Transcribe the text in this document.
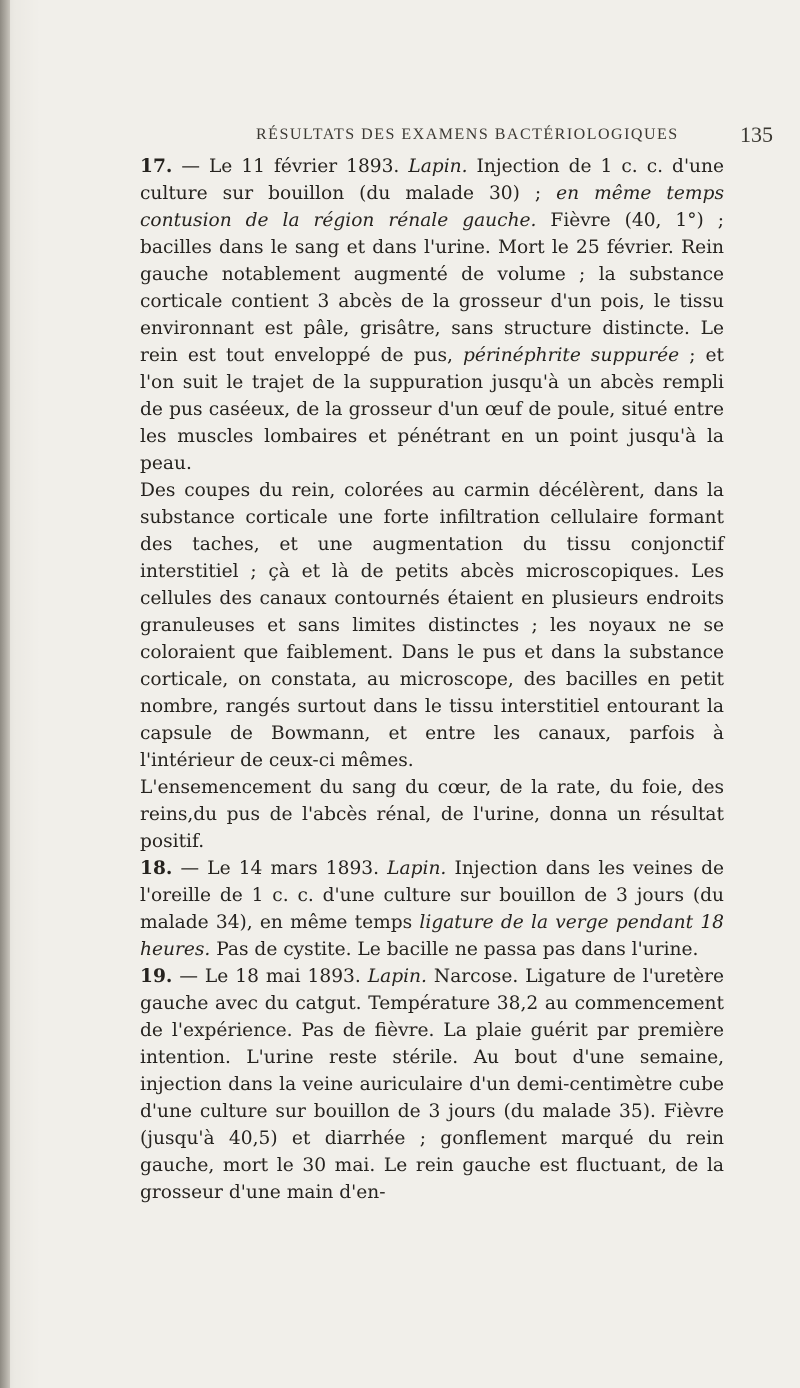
RÉSULTATS DES EXAMENS BACTÉRIOLOGIQUES	135

17. — Le 11 février 1893. Lapin. Injection de 1 c. c. d'une culture sur bouillon (du malade 30) ; en même temps contusion de la région rénale gauche. Fièvre (40, 1°) ; bacilles dans le sang et dans l'urine. Mort le 25 février. Rein gauche notablement augmenté de volume ; la substance corticale contient 3 abcès de la grosseur d'un pois, le tissu environnant est pâle, grisâtre, sans structure distincte. Le rein est tout enveloppé de pus, périnéphrite suppurée ; et l'on suit le trajet de la suppuration jusqu'à un abcès rempli de pus caséeux, de la grosseur d'un œuf de poule, situé entre les muscles lombaires et pénétrant en un point jusqu'à la peau.

Des coupes du rein, colorées au carmin décélèrent, dans la substance corticale une forte infiltration cellulaire formant des taches, et une augmentation du tissu conjonctif interstitiel ; çà et là de petits abcès microscopiques. Les cellules des canaux contournés étaient en plusieurs endroits granuleuses et sans limites distinctes ; les noyaux ne se coloraient que faiblement. Dans le pus et dans la substance corticale, on constata, au microscope, des bacilles en petit nombre, rangés surtout dans le tissu interstitiel entourant la capsule de Bowmann, et entre les canaux, parfois à l'intérieur de ceux-ci mêmes.

L'ensemencement du sang du cœur, de la rate, du foie, des reins,du pus de l'abcès rénal, de l'urine, donna un résultat positif.

18. — Le 14 mars 1893. Lapin. Injection dans les veines de l'oreille de 1 c. c. d'une culture sur bouillon de 3 jours (du malade 34), en même temps ligature de la verge pendant 18 heures. Pas de cystite. Le bacille ne passa pas dans l'urine.

19. — Le 18 mai 1893. Lapin. Narcose. Ligature de l'uretère gauche avec du catgut. Température 38,2 au commencement de l'expérience. Pas de fièvre. La plaie guérit par première intention. L'urine reste stérile. Au bout d'une semaine, injection dans la veine auriculaire d'un demi-centimètre cube d'une culture sur bouillon de 3 jours (du malade 35). Fièvre (jusqu'à 40,5) et diarrhée ; gonflement marqué du rein gauche, mort le 30 mai. Le rein gauche est fluctuant, de la grosseur d'une main d'en-
